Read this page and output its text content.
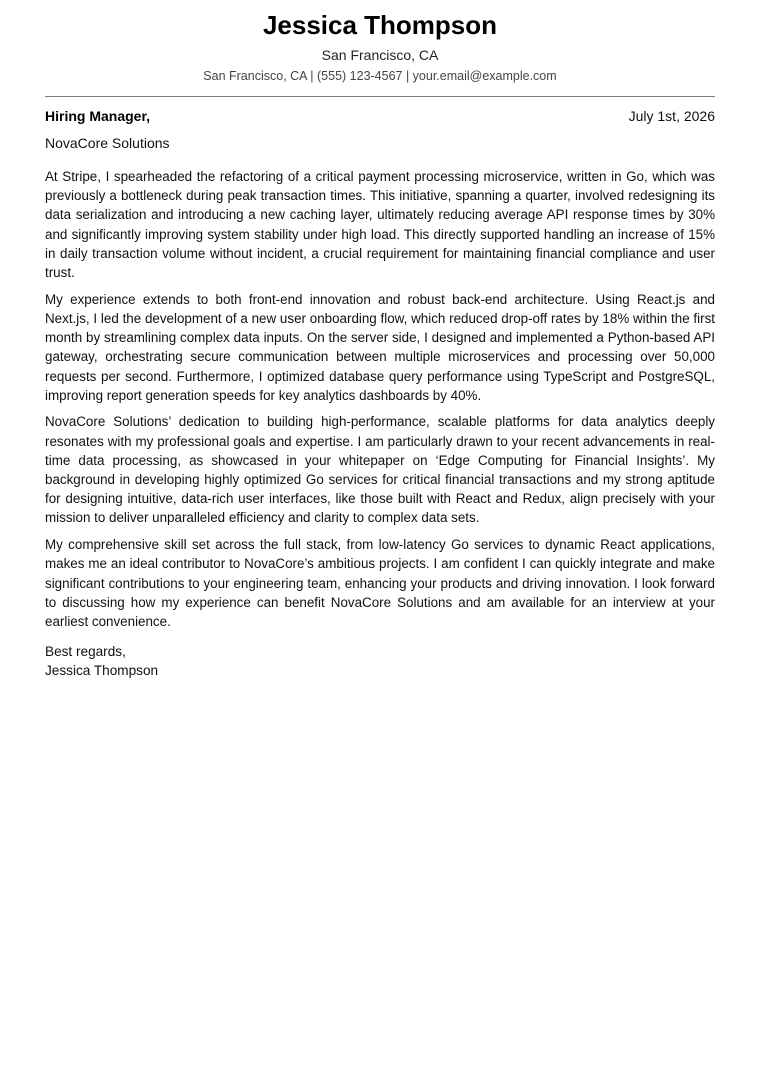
Jessica Thompson
San Francisco, CA
San Francisco, CA | (555) 123-4567 | your.email@example.com
Hiring Manager,	July 1st, 2026
NovaCore Solutions

At Stripe, I spearheaded the refactoring of a critical payment processing microservice, written in Go, which was previously a bottleneck during peak transaction times. This initiative, spanning a quarter, involved redesigning its data serialization and introducing a new caching layer, ultimately reducing average API response times by 30% and significantly improving system stability under high load. This directly supported handling an increase of 15% in daily transaction volume without incident, a crucial requirement for maintaining financial compliance and user trust.

My experience extends to both front-end innovation and robust back-end architecture. Using React.js and Next.js, I led the development of a new user onboarding flow, which reduced drop-off rates by 18% within the first month by streamlining complex data inputs. On the server side, I designed and implemented a Python-based API gateway, orchestrating secure communication between multiple microservices and processing over 50,000 requests per second. Furthermore, I optimized database query performance using TypeScript and PostgreSQL, improving report generation speeds for key analytics dashboards by 40%.

NovaCore Solutions’ dedication to building high-performance, scalable platforms for data analytics deeply resonates with my professional goals and expertise. I am particularly drawn to your recent advancements in real-time data processing, as showcased in your whitepaper on ‘Edge Computing for Financial Insights’. My background in developing highly optimized Go services for critical financial transactions and my strong aptitude for designing intuitive, data-rich user interfaces, like those built with React and Redux, align precisely with your mission to deliver unparalleled efficiency and clarity to complex data sets.

My comprehensive skill set across the full stack, from low-latency Go services to dynamic React applications, makes me an ideal contributor to NovaCore’s ambitious projects. I am confident I can quickly integrate and make significant contributions to your engineering team, enhancing your products and driving innovation. I look forward to discussing how my experience can benefit NovaCore Solutions and am available for an interview at your earliest convenience.

Best regards,
Jessica Thompson
